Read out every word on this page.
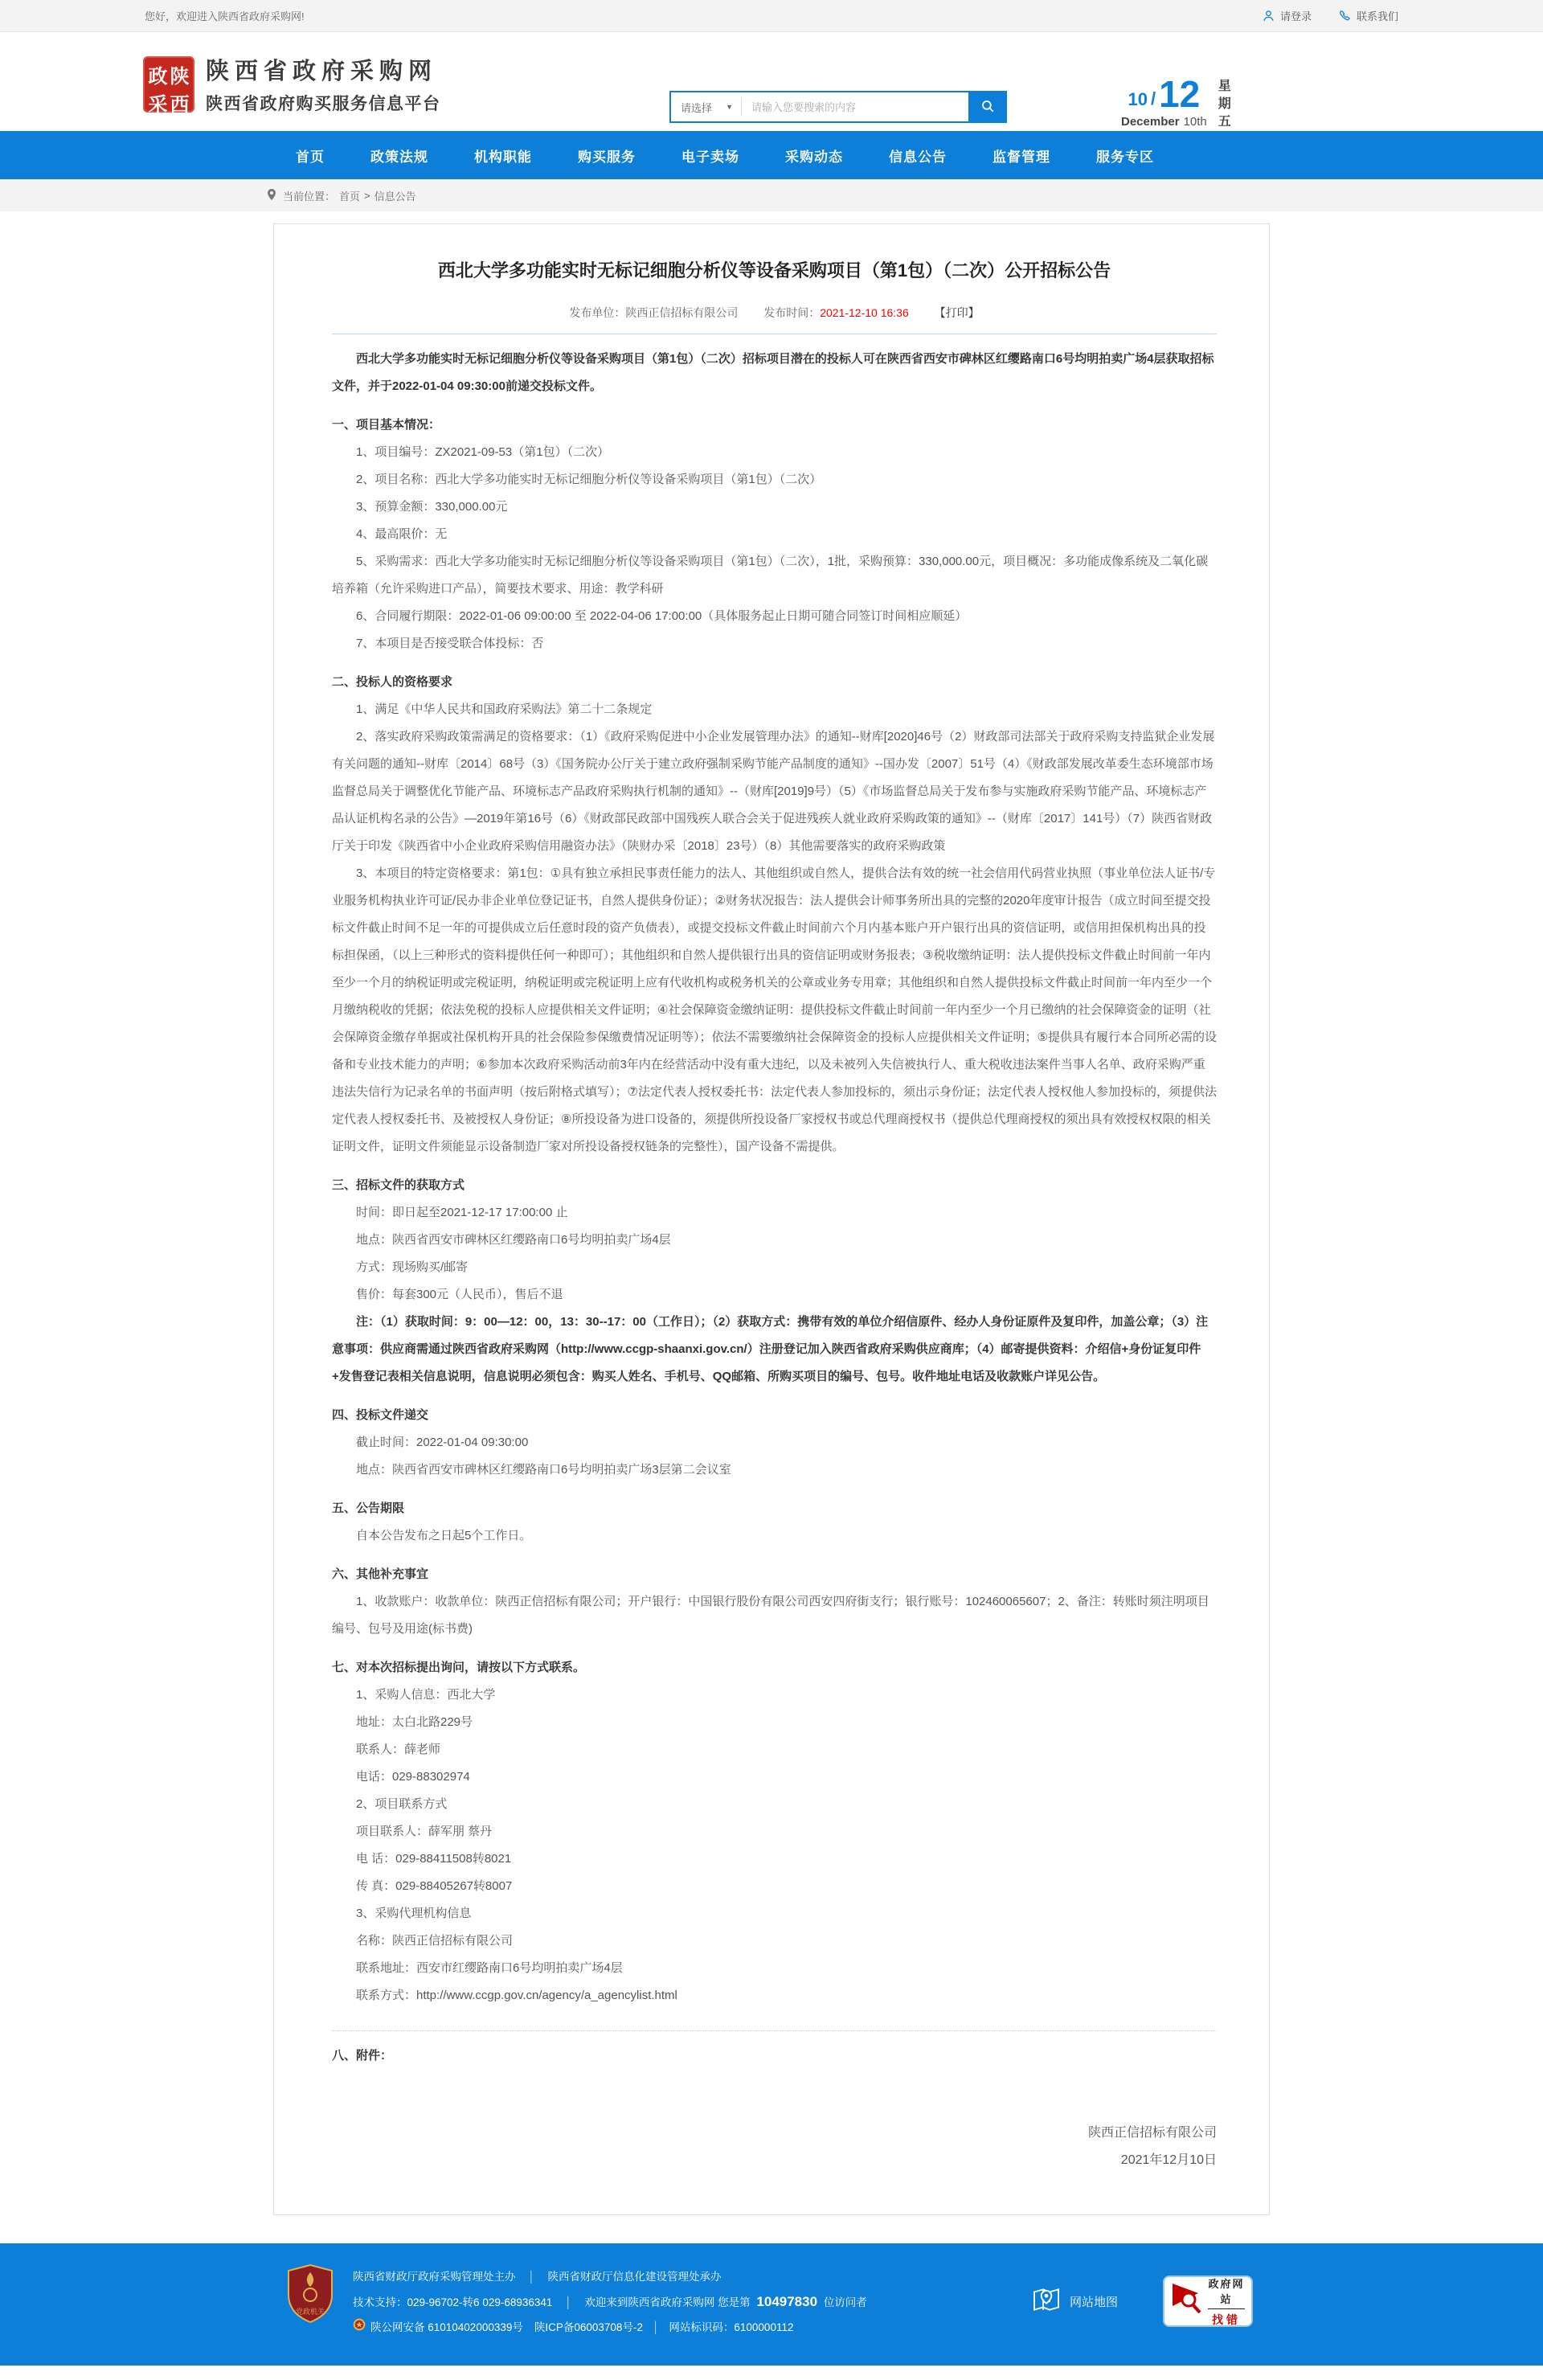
您好，欢迎进入陕西省政府采购网!	请登录	联系我们
政 陕
采 西
陕西省政府采购网
陕西省政府购买服务信息平台	请选择 ▼
请输入您要搜索的内容	10 / 12
December 10th
星期五
首页	政策法规	机构职能	购买服务	电子卖场	采购动态	信息公告	监督管理	服务专区
当前位置： 首页 > 信息公告
西北大学多功能实时无标记细胞分析仪等设备采购项目（第1包）（二次）公开招标公告
发布单位：陕西正信招标有限公司 发布时间：2021-12-10 16:36 【打印】
西北大学多功能实时无标记细胞分析仪等设备采购项目（第1包）（二次）招标项目潜在的投标人可在陕西省西安市碑林区红缨路南口6号均明拍卖广场4层获取招标文件，并于2022-01-04 09:30:00前递交投标文件。
一、项目基本情况：
1、项目编号：ZX2021-09-53（第1包）（二次）
2、项目名称：西北大学多功能实时无标记细胞分析仪等设备采购项目（第1包）（二次）
3、预算金额：330,000.00元
4、最高限价：无
5、采购需求：西北大学多功能实时无标记细胞分析仪等设备采购项目（第1包）（二次），1批，采购预算：330,000.00元，项目概况：多功能成像系统及二氧化碳培养箱（允许采购进口产品），简要技术要求、用途：教学科研
6、合同履行期限：2022-01-06 09:00:00 至 2022-04-06 17:00:00（具体服务起止日期可随合同签订时间相应顺延）
7、本项目是否接受联合体投标：否
二、投标人的资格要求
1、满足《中华人民共和国政府采购法》第二十二条规定
2、落实政府采购政策需满足的资格要求：（1）《政府采购促进中小企业发展管理办法》的通知--财库[2020]46号（2）财政部司法部关于政府采购支持监狱企业发展有关问题的通知--财库〔2014〕68号（3）《国务院办公厅关于建立政府强制采购节能产品制度的通知》--国办发〔2007〕51号（4）《财政部发展改革委生态环境部市场监督总局关于调整优化节能产品、环境标志产品政府采购执行机制的通知》--（财库[2019]9号）（5）《市场监督总局关于发布参与实施政府采购节能产品、环境标志产品认证机构名录的公告》—2019年第16号（6）《财政部民政部中国残疾人联合会关于促进残疾人就业政府采购政策的通知》--（财库〔2017〕141号）（7）陕西省财政厅关于印发《陕西省中小企业政府采购信用融资办法》（陕财办采〔2018〕23号）（8）其他需要落实的政府采购政策
3、本项目的特定资格要求：第1包：①具有独立承担民事责任能力的法人、其他组织或自然人，提供合法有效的统一社会信用代码营业执照（事业单位法人证书/专业服务机构执业许可证/民办非企业单位登记证书，自然人提供身份证）；②财务状况报告：法人提供会计师事务所出具的完整的2020年度审计报告（成立时间至提交投标文件截止时间不足一年的可提供成立后任意时段的资产负债表），或提交投标文件截止时间前六个月内基本账户开户银行出具的资信证明，或信用担保机构出具的投标担保函，（以上三种形式的资料提供任何一种即可）；其他组织和自然人提供银行出具的资信证明或财务报表；③税收缴纳证明：法人提供投标文件截止时间前一年内至少一个月的纳税证明或完税证明，纳税证明或完税证明上应有代收机构或税务机关的公章或业务专用章；其他组织和自然人提供投标文件截止时间前一年内至少一个月缴纳税收的凭据；依法免税的投标人应提供相关文件证明；④社会保障资金缴纳证明：提供投标文件截止时间前一年内至少一个月已缴纳的社会保障资金的证明（社会保障资金缴存单据或社保机构开具的社会保险参保缴费情况证明等）；依法不需要缴纳社会保障资金的投标人应提供相关文件证明；⑤提供具有履行本合同所必需的设备和专业技术能力的声明；⑥参加本次政府采购活动前3年内在经营活动中没有重大违纪，以及未被列入失信被执行人、重大税收违法案件当事人名单、政府采购严重违法失信行为记录名单的书面声明（按后附格式填写）；⑦法定代表人授权委托书：法定代表人参加投标的，须出示身份证；法定代表人授权他人参加投标的，须提供法定代表人授权委托书、及被授权人身份证；⑧所投设备为进口设备的，须提供所投设备厂家授权书或总代理商授权书（提供总代理商授权的须出具有效授权权限的相关证明文件，证明文件须能显示设备制造厂家对所投设备授权链条的完整性），国产设备不需提供。
三、招标文件的获取方式
时间：即日起至2021-12-17 17:00:00 止
地点：陕西省西安市碑林区红缨路南口6号均明拍卖广场4层
方式：现场购买/邮寄
售价：每套300元（人民币），售后不退
注：（1）获取时间：9：00—12：00，13：30--17：00（工作日）；（2）获取方式：携带有效的单位介绍信原件、经办人身份证原件及复印件，加盖公章；（3）注意事项：供应商需通过陕西省政府采购网（http://www.ccgp-shaanxi.gov.cn/）注册登记加入陕西省政府采购供应商库；（4）邮寄提供资料：介绍信+身份证复印件+发售登记表相关信息说明，信息说明必须包含：购买人姓名、手机号、QQ邮箱、所购买项目的编号、包号。收件地址电话及收款账户详见公告。
四、投标文件递交
截止时间：2022-01-04 09:30:00
地点：陕西省西安市碑林区红缨路南口6号均明拍卖广场3层第二会议室
五、公告期限
自本公告发布之日起5个工作日。
六、其他补充事宜
1、收款账户：收款单位：陕西正信招标有限公司；开户银行：中国银行股份有限公司西安四府街支行；银行账号：102460065607；2、备注：转账时须注明项目编号、包号及用途(标书费)
七、对本次招标提出询问，请按以下方式联系。
1、采购人信息：西北大学
地址：太白北路229号
联系人：薛老师
电话：029-88302974
2、项目联系方式
项目联系人：薛军朋 蔡丹
电 话：029-88411508转8021
传 真：029-88405267转8007
3、采购代理机构信息
名称：陕西正信招标有限公司
联系地址：西安市红缨路南口6号均明拍卖广场4层
联系方式：http://www.ccgp.gov.cn/agency/a_agencylist.html
八、附件：
陕西正信招标有限公司
2021年12月10日
党政机关
陕西省财政厅政府采购管理处主办 │ 陕西省财政厅信息化建设管理处承办
技术支持：029-96702-转6 029-68936341 │ 欢迎来到陕西省政府采购网 您是第 10497830 位访问者
陕公网安备 61010402000339号 陕ICP备06003708号-2 │ 网站标识码：6100000112
网站地图
政府网站
找错
